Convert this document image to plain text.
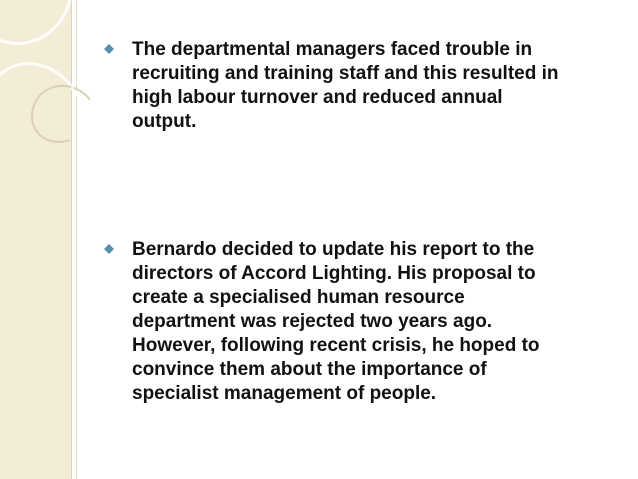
The departmental managers faced trouble in
recruiting and training staff and this resulted in
high labour turnover and reduced annual
output.
Bernardo decided to update his report to the
directors of Accord Lighting. His proposal to
create a specialised human resource
department was rejected two years ago.
However, following recent crisis, he hoped to
convince them about the importance of
specialist management of people.
